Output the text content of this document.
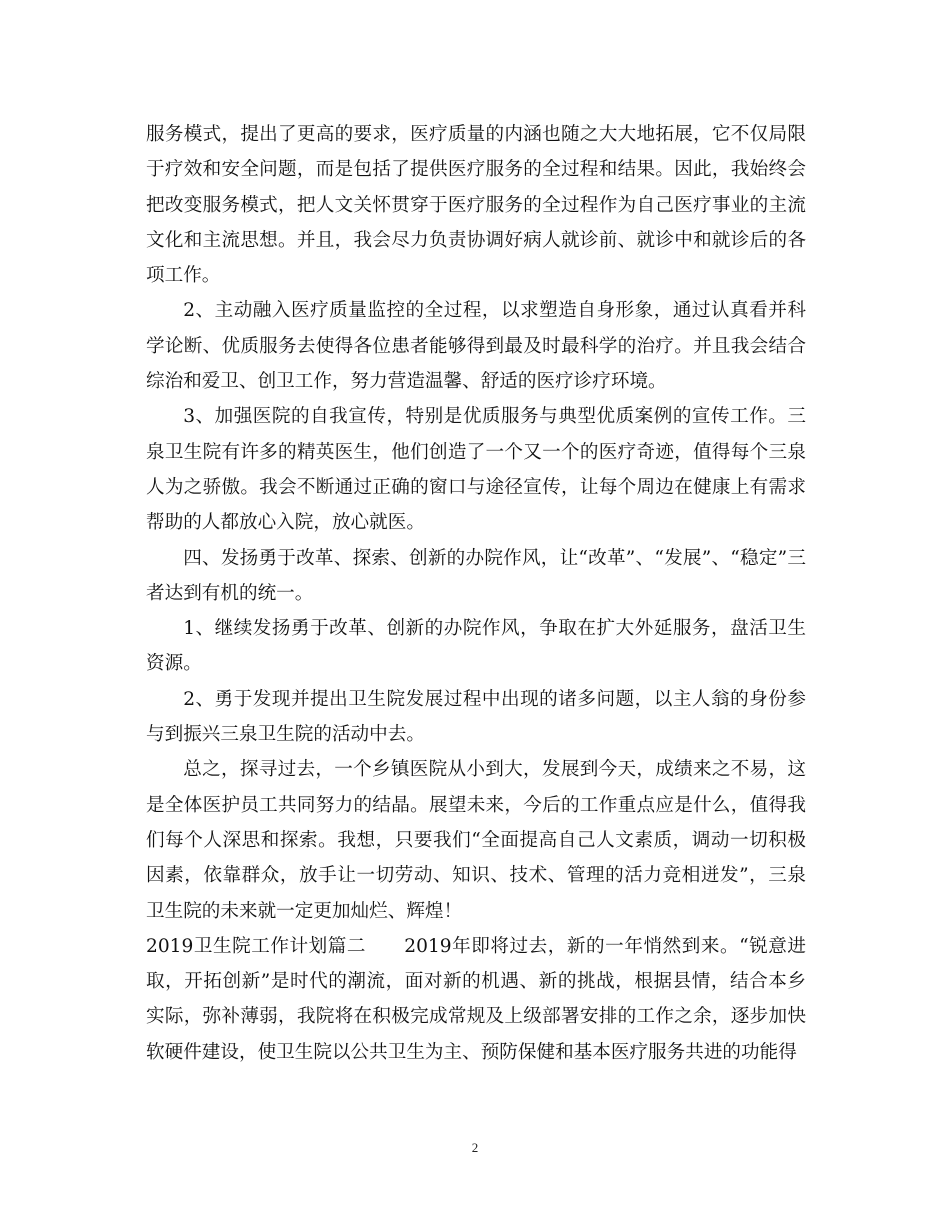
服务模式，提出了更高的要求，医疗质量的内涵也随之大大地拓展，它不仅局限于疗效和安全问题，而是包括了提供医疗服务的全过程和结果。因此，我始终会把改变服务模式，把人文关怀贯穿于医疗服务的全过程作为自己医疗事业的主流文化和主流思想。并且，我会尽力负责协调好病人就诊前、就诊中和就诊后的各项工作。

2、主动融入医疗质量监控的全过程，以求塑造自身形象，通过认真看并科学论断、优质服务去使得各位患者能够得到最及时最科学的治疗。并且我会结合综治和爱卫、创卫工作，努力营造温馨、舒适的医疗诊疗环境。

3、加强医院的自我宣传，特别是优质服务与典型优质案例的宣传工作。三泉卫生院有许多的精英医生，他们创造了一个又一个的医疗奇迹，值得每个三泉人为之骄傲。我会不断通过正确的窗口与途径宣传，让每个周边在健康上有需求帮助的人都放心入院，放心就医。

四、发扬勇于改革、探索、创新的办院作风，让“改革”、“发展”、“稳定”三者达到有机的统一。

1、继续发扬勇于改革、创新的办院作风，争取在扩大外延服务，盘活卫生资源。

2、勇于发现并提出卫生院发展过程中出现的诸多问题，以主人翁的身份参与到振兴三泉卫生院的活动中去。

总之，探寻过去，一个乡镇医院从小到大，发展到今天，成绩来之不易，这是全体医护员工共同努力的结晶。展望未来，今后的工作重点应是什么，值得我们每个人深思和探索。我想，只要我们“全面提高自己人文素质，调动一切积极因素，依靠群众，放手让一切劳动、知识、技术、管理的活力竞相迸发”，三泉卫生院的未来就一定更加灿烂、辉煌！

2019卫生院工作计划篇二　　2019年即将过去，新的一年悄然到来。“锐意进取，开拓创新”是时代的潮流，面对新的机遇、新的挑战，根据县情，结合本乡实际，弥补薄弱，我院将在积极完成常规及上级部署安排的工作之余，逐步加快软硬件建设，使卫生院以公共卫生为主、预防保健和基本医疗服务共进的功能得

2
